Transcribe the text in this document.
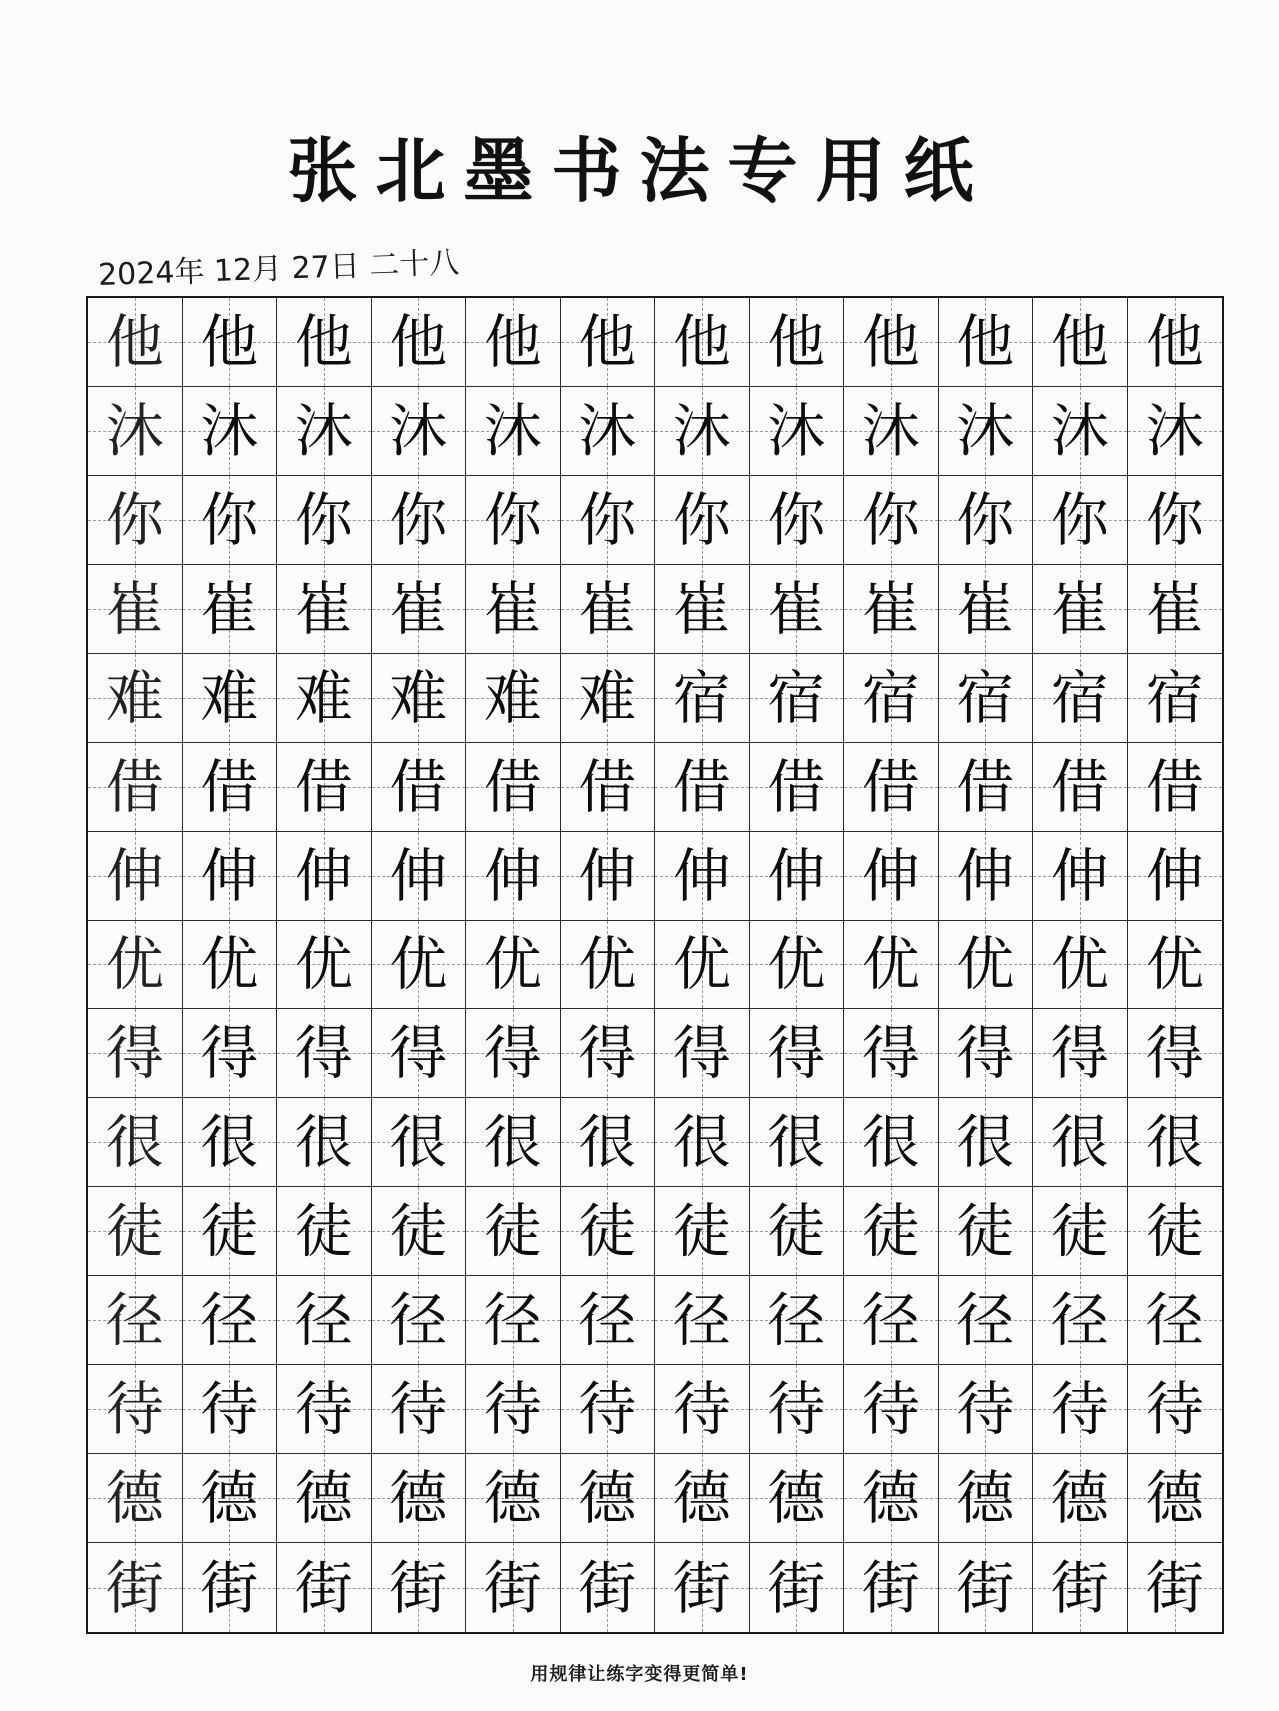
张北墨书法专用纸
2024年 12月 27日 二十八
他 他 他 他 他 他 他 他 他 他 他 他
沐 沐 沐 沐 沐 沐 沐 沐 沐 沐 沐 沐
你 你 你 你 你 你 你 你 你 你 你 你
崔 崔 崔 崔 崔 崔 崔 崔 崔 崔 崔 崔
难 难 难 难 难 难 宿 宿 宿 宿 宿 宿
借 借 借 借 借 借 借 借 借 借 借 借
伸 伸 伸 伸 伸 伸 伸 伸 伸 伸 伸 伸
优 优 优 优 优 优 优 优 优 优 优 优
得 得 得 得 得 得 得 得 得 得 得 得
很 很 很 很 很 很 很 很 很 很 很 很
徒 徒 徒 徒 徒 徒 徒 徒 徒 徒 徒 徒
径 径 径 径 径 径 径 径 径 径 径 径
待 待 待 待 待 待 待 待 待 待 待 待
德 德 德 德 德 德 德 德 德 德 德 德
街 街 街 街 街 街 街 街 街 街 街 街
用规律让练字变得更简单!
